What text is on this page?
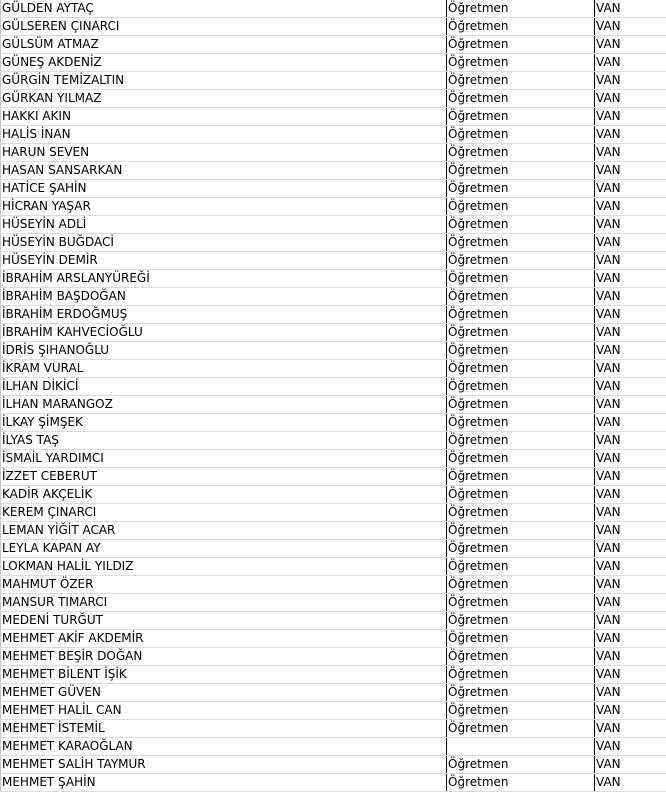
GÜLDEN AYTAÇ	Öğretmen	VAN
GÜLSEREN ÇINARCI	Öğretmen	VAN
GÜLSÜM ATMAZ	Öğretmen	VAN
GÜNEŞ AKDENİZ	Öğretmen	VAN
GÜRGİN TEMİZALTIN	Öğretmen	VAN
GÜRKAN YILMAZ	Öğretmen	VAN
HAKKI AKIN	Öğretmen	VAN
HALİS İNAN	Öğretmen	VAN
HARUN SEVEN	Öğretmen	VAN
HASAN SANSARKAN	Öğretmen	VAN
HATİCE ŞAHİN	Öğretmen	VAN
HİCRAN YAŞAR	Öğretmen	VAN
HÜSEYİN ADLİ	Öğretmen	VAN
HÜSEYİN BUĞDACİ	Öğretmen	VAN
HÜSEYİN DEMİR	Öğretmen	VAN
İBRAHİM ARSLANYÜREĞİ	Öğretmen	VAN
İBRAHİM BAŞDOĞAN	Öğretmen	VAN
İBRAHİM ERDOĞMUŞ	Öğretmen	VAN
İBRAHİM KAHVECİOĞLU	Öğretmen	VAN
İDRİS ŞIHANOĞLU	Öğretmen	VAN
İKRAM VURAL	Öğretmen	VAN
İLHAN DİKİCİ	Öğretmen	VAN
İLHAN MARANGOZ	Öğretmen	VAN
İLKAY ŞİMŞEK	Öğretmen	VAN
İLYAS TAŞ	Öğretmen	VAN
İSMAİL YARDIMCI	Öğretmen	VAN
İZZET CEBERUT	Öğretmen	VAN
KADİR AKÇELİK	Öğretmen	VAN
KEREM ÇINARCI	Öğretmen	VAN
LEMAN YİĞİT ACAR	Öğretmen	VAN
LEYLA KAPAN AY	Öğretmen	VAN
LOKMAN HALİL YILDIZ	Öğretmen	VAN
MAHMUT ÖZER	Öğretmen	VAN
MANSUR TIMARCI	Öğretmen	VAN
MEDENİ TURĞUT	Öğretmen	VAN
MEHMET AKİF AKDEMİR	Öğretmen	VAN
MEHMET BEŞİR DOĞAN	Öğretmen	VAN
MEHMET BİLENT İŞİK	Öğretmen	VAN
MEHMET GÜVEN	Öğretmen	VAN
MEHMET HALİL CAN	Öğretmen	VAN
MEHMET İSTEMİL	Öğretmen	VAN
MEHMET KARAOĞLAN		VAN
MEHMET SALİH TAYMUR	Öğretmen	VAN
MEHMET ŞAHİN	Öğretmen	VAN
